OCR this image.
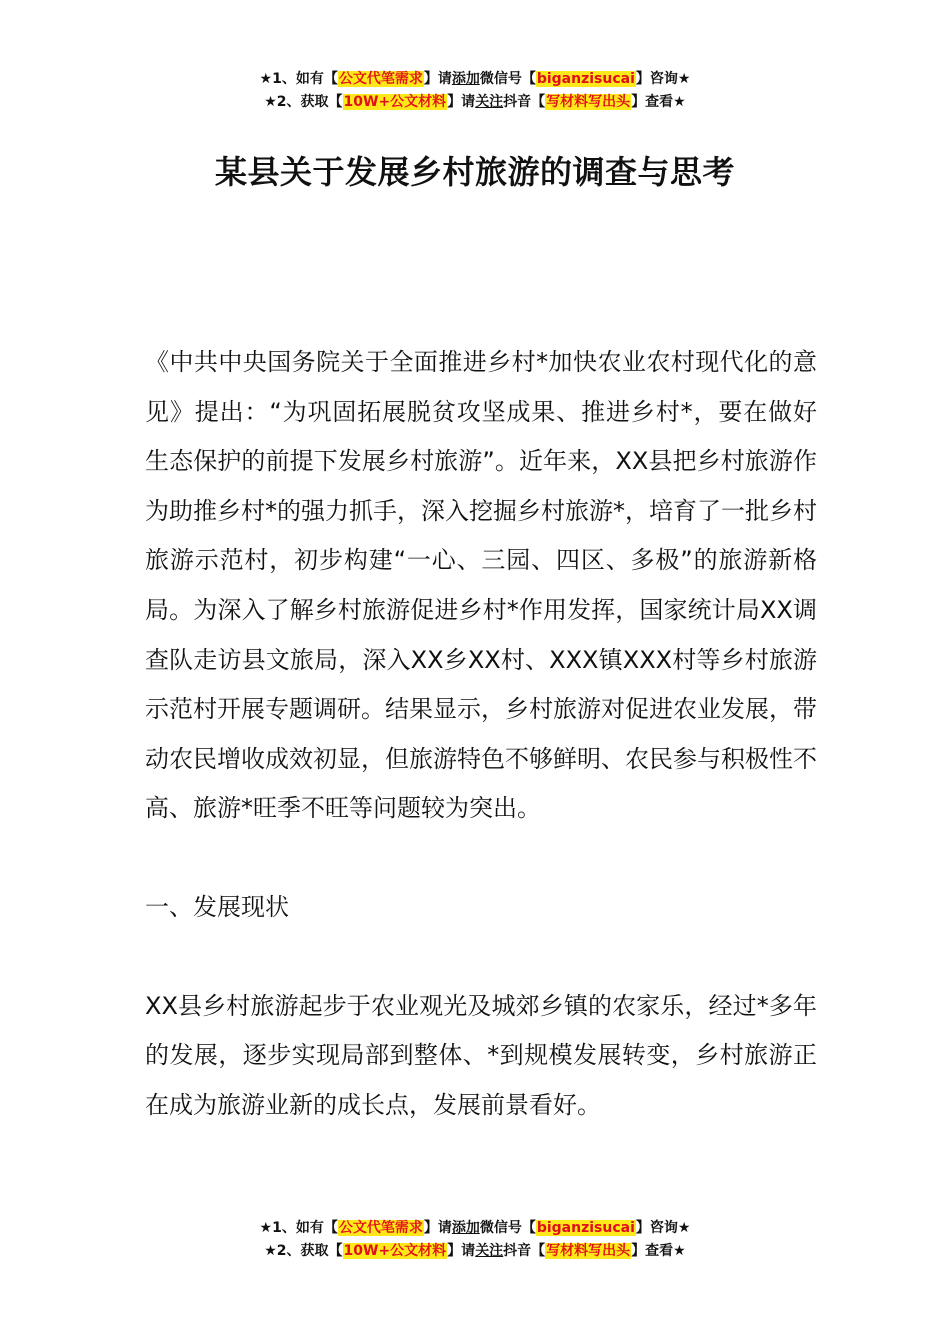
★1、如有【公文代笔需求】请添加微信号【biganzisucai】咨询★
★2、获取【10W+公文材料】请关注抖音【写材料写出头】查看★
某县关于发展乡村旅游的调查与思考

《中共中央国务院关于全面推进乡村*加快农业农村现代化的意见》提出：“为巩固拓展脱贫攻坚成果、推进乡村*，要在做好生态保护的前提下发展乡村旅游”。近年来，XX县把乡村旅游作为助推乡村*的强力抓手，深入挖掘乡村旅游*，培育了一批乡村旅游示范村，初步构建“一心、三园、四区、多极”的旅游新格局。为深入了解乡村旅游促进乡村*作用发挥，国家统计局XX调查队走访县文旅局，深入XX乡XX村、XXX镇XXX村等乡村旅游示范村开展专题调研。结果显示，乡村旅游对促进农业发展，带动农民增收成效初显，但旅游特色不够鲜明、农民参与积极性不高、旅游*旺季不旺等问题较为突出。

一、发展现状

XX县乡村旅游起步于农业观光及城郊乡镇的农家乐，经过*多年的发展，逐步实现局部到整体、*到规模发展转变，乡村旅游正在成为旅游业新的成长点，发展前景看好。

★1、如有【公文代笔需求】请添加微信号【biganzisucai】咨询★
★2、获取【10W+公文材料】请关注抖音【写材料写出头】查看★
